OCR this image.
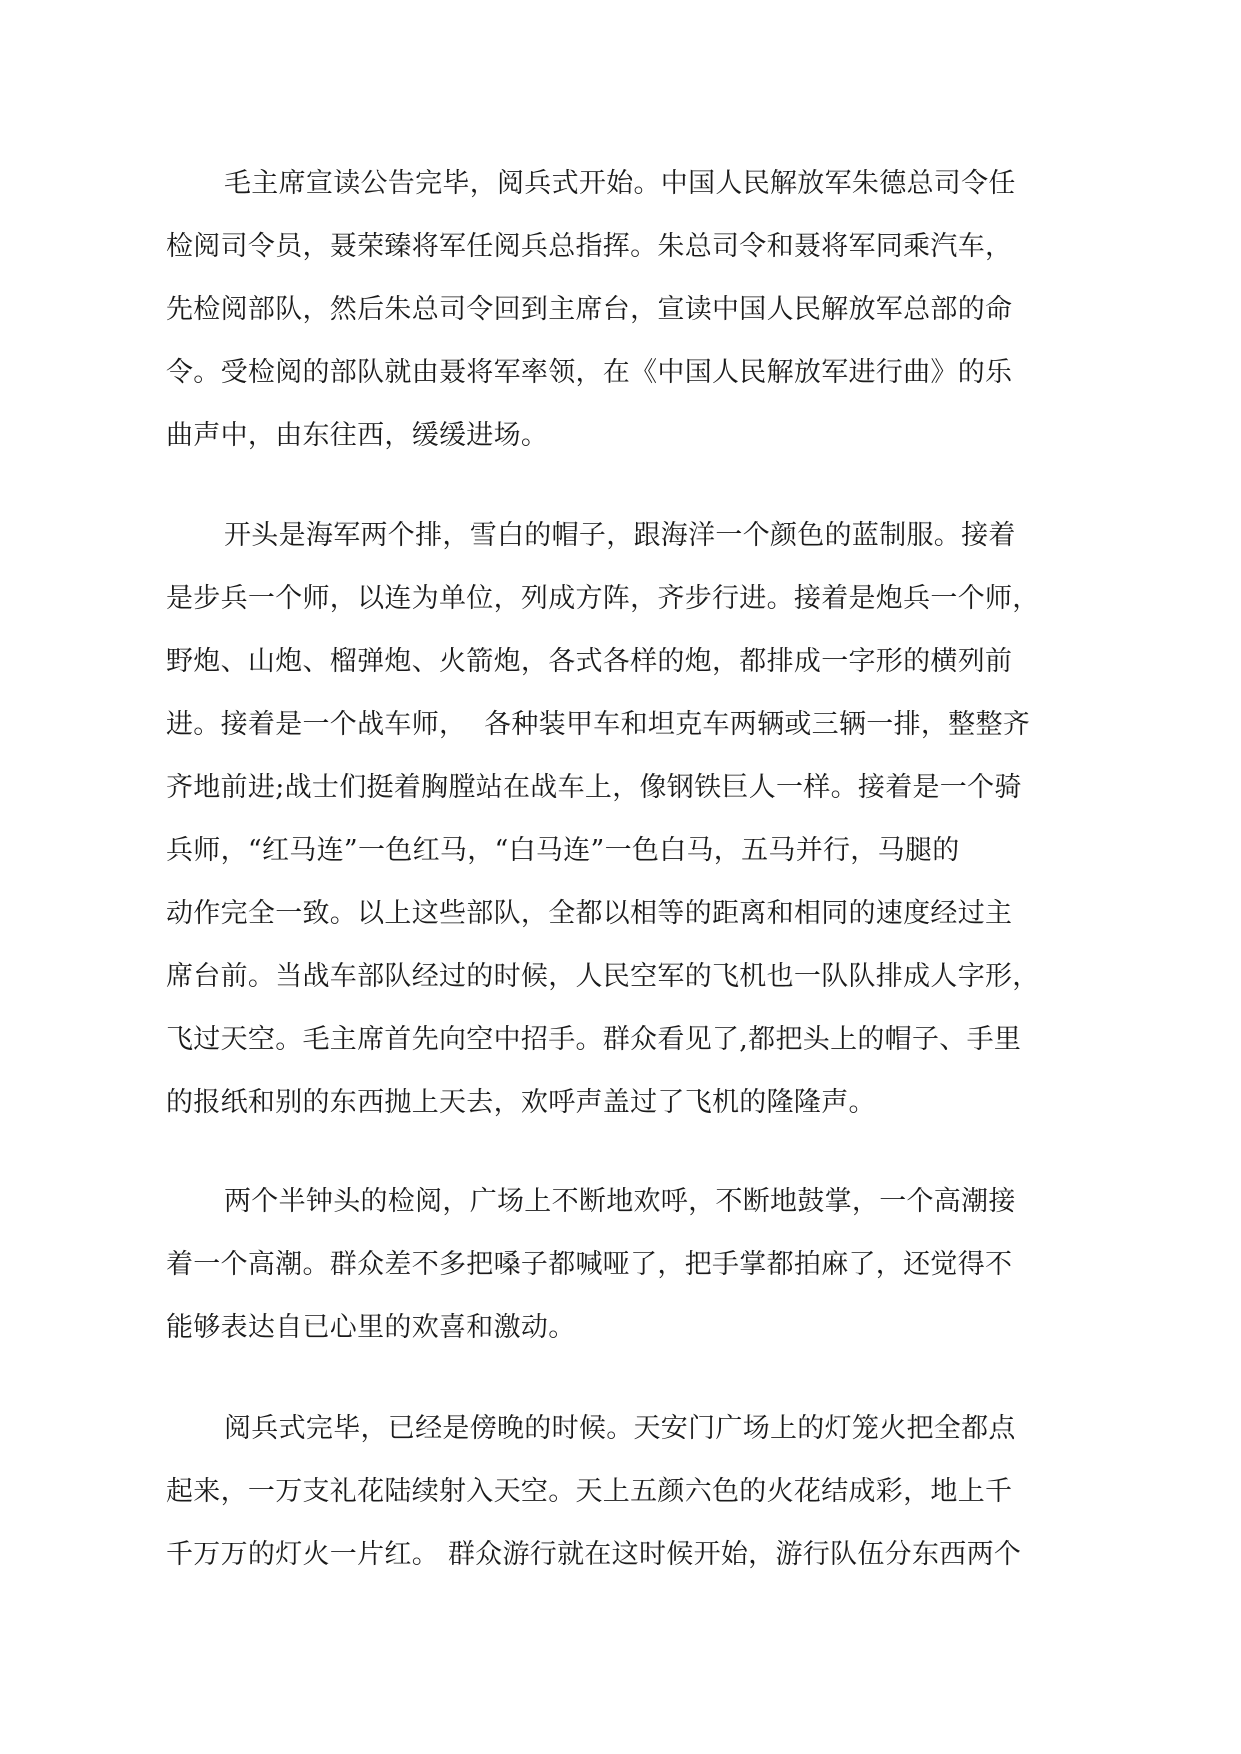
毛主席宣读公告完毕，阅兵式开始。中国人民解放军朱德总司令任
检阅司令员，聂荣臻将军任阅兵总指挥。朱总司令和聂将军同乘汽车，
先检阅部队，然后朱总司令回到主席台，宣读中国人民解放军总部的命
令。受检阅的部队就由聂将军率领，在《中国人民解放军进行曲》的乐
曲声中，由东往西，缓缓进场。
开头是海军两个排，雪白的帽子，跟海洋一个颜色的蓝制服。接着
是步兵一个师，以连为单位，列成方阵，齐步行进。接着是炮兵一个师，
野炮、山炮、榴弹炮、火箭炮，各式各样的炮，都排成一字形的横列前
进。接着是一个战车师，  各种装甲车和坦克车两辆或三辆一排，整整齐
齐地前进;战士们挺着胸膛站在战车上，像钢铁巨人一样。接着是一个骑
兵师，“红马连”一色红马，“白马连”一色白马，五马并行，马腿的
动作完全一致。以上这些部队，全都以相等的距离和相同的速度经过主
席台前。当战车部队经过的时候，人民空军的飞机也一队队排成人字形，
飞过天空。毛主席首先向空中招手。群众看见了,都把头上的帽子、手里
的报纸和别的东西抛上天去，欢呼声盖过了飞机的隆隆声。
两个半钟头的检阅，广场上不断地欢呼，不断地鼓掌，一个高潮接
着一个高潮。群众差不多把嗓子都喊哑了，把手掌都拍麻了，还觉得不
能够表达自已心里的欢喜和激动。
阅兵式完毕，已经是傍晚的时候。天安门广场上的灯笼火把全都点
起来，一万支礼花陆续射入天空。天上五颜六色的火花结成彩，地上千
千万万的灯火一片红。 群众游行就在这时候开始，游行队伍分东西两个
